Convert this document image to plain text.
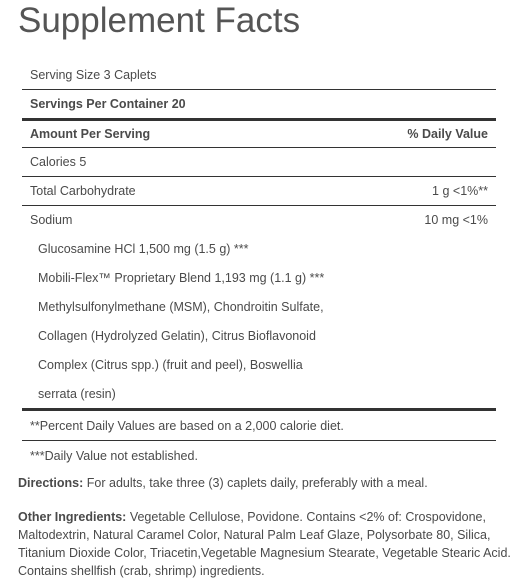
Supplement Facts
Serving Size 3 Caplets
Servings Per Container 20
Amount Per Serving	% Daily Value
Calories 5
Total Carbohydrate	1 g <1%**
Sodium	10 mg <1%
Glucosamine HCl 1,500 mg (1.5 g) ***
Mobili-Flex™ Proprietary Blend 1,193 mg (1.1 g) ***
Methylsulfonylmethane (MSM), Chondroitin Sulfate,
Collagen (Hydrolyzed Gelatin), Citrus Bioflavonoid
Complex (Citrus spp.) (fruit and peel), Boswellia
serrata (resin)
**Percent Daily Values are based on a 2,000 calorie diet.
***Daily Value not established.
Directions: For adults, take three (3) caplets daily, preferably with a meal.
Other Ingredients: Vegetable Cellulose, Povidone. Contains <2% of: Crospovidone, Maltodextrin, Natural Caramel Color, Natural Palm Leaf Glaze, Polysorbate 80, Silica, Titanium Dioxide Color, Triacetin,Vegetable Magnesium Stearate, Vegetable Stearic Acid. Contains shellfish (crab, shrimp) ingredients.
